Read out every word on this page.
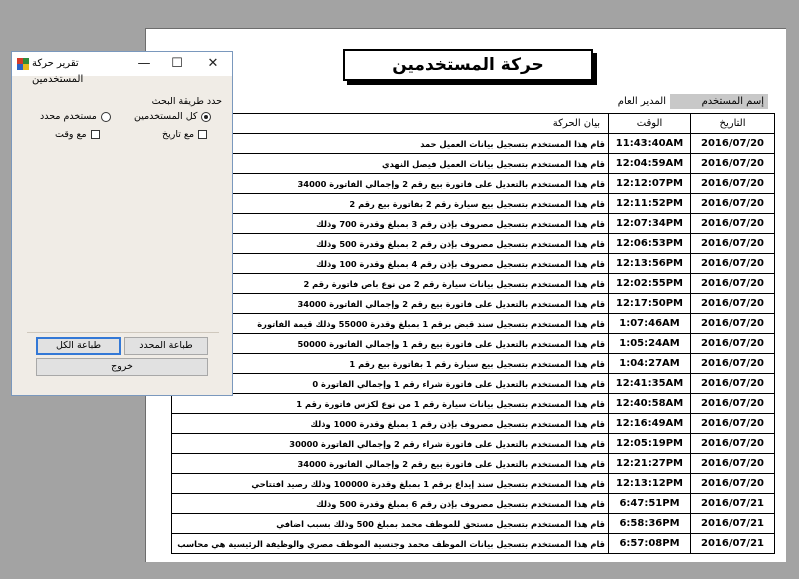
حركة المستخدمين
إسم المستخدم
المدير العام
بيان الحركة	الوقت	التاريخ
قام هذا المستخدم بتسجيل بيانات العميل حمد	11:43:40AM	2016/07/20
قام هذا المستخدم بتسجيل بيانات العميل فيصل النهدي	12:04:59AM	2016/07/20
قام هذا المستخدم بالتعديل على فاتورة بيع رقم 2 وإجمالي الفاتورة 34000	12:12:07PM	2016/07/20
قام هذا المستخدم بتسجيل بيع سيارة رقم 2 بفاتورة بيع رقم 2	12:11:52PM	2016/07/20
قام هذا المستخدم بتسجيل مصروف بإذن رقم 3 بمبلغ وقدرة 700 وذلك	12:07:34PM	2016/07/20
قام هذا المستخدم بتسجيل مصروف بإذن رقم 2 بمبلغ وقدرة 500 وذلك	12:06:53PM	2016/07/20
قام هذا المستخدم بتسجيل مصروف بإذن رقم 4 بمبلغ وقدرة 100 وذلك	12:13:56PM	2016/07/20
قام هذا المستخدم بتسجيل بيانات سيارة رقم 2 من نوع باص فاتورة رقم 2	12:02:55PM	2016/07/20
قام هذا المستخدم بالتعديل على فاتورة بيع رقم 2 وإجمالي الفاتورة 34000	12:17:50PM	2016/07/20
قام هذا المستخدم بتسجيل سند قبض برقم 1 بمبلغ وقدرة 55000 وذلك قيمة الفاتورة	1:07:46AM	2016/07/20
قام هذا المستخدم بالتعديل على فاتورة بيع رقم 1 وإجمالي الفاتورة 50000	1:05:24AM	2016/07/20
قام هذا المستخدم بتسجيل بيع سيارة رقم 1 بفاتورة بيع رقم 1	1:04:27AM	2016/07/20
قام هذا المستخدم بالتعديل على فاتورة شراء رقم 1 وإجمالي الفاتورة 0	12:41:35AM	2016/07/20
قام هذا المستخدم بتسجيل بيانات سيارة رقم 1 من نوع لكزس فاتورة رقم 1	12:40:58AM	2016/07/20
قام هذا المستخدم بتسجيل مصروف بإذن رقم 1 بمبلغ وقدرة 1000 وذلك	12:16:49AM	2016/07/20
قام هذا المستخدم بالتعديل على فاتورة شراء رقم 2 وإجمالي الفاتورة 30000	12:05:19PM	2016/07/20
قام هذا المستخدم بالتعديل على فاتورة بيع رقم 2 وإجمالي الفاتورة 34000	12:21:27PM	2016/07/20
قام هذا المستخدم بتسجيل سند إيداع برقم 1 بمبلغ وقدرة 100000 وذلك رصيد افتتاحي	12:13:12PM	2016/07/20
قام هذا المستخدم بتسجيل مصروف بإذن رقم 6 بمبلغ وقدرة 500 وذلك	6:47:51PM	2016/07/21
قام هذا المستخدم بتسجيل مستحق للموظف محمد بمبلغ 500 وذلك بسبب اضافي	6:58:36PM	2016/07/21
قام هذا المستخدم بتسجيل بيانات الموظف محمد وجنسية الموظف مصري والوظيفة الرئيسية هي محاسب	6:57:08PM	2016/07/21
تقرير حركة المستخدمين
—	☐	✕
حدد طريقة البحث
كل المستخدمين
مستخدم محدد
مع تاريخ
مع وقت
طباعة الكل	طباعة المحدد
خروج
